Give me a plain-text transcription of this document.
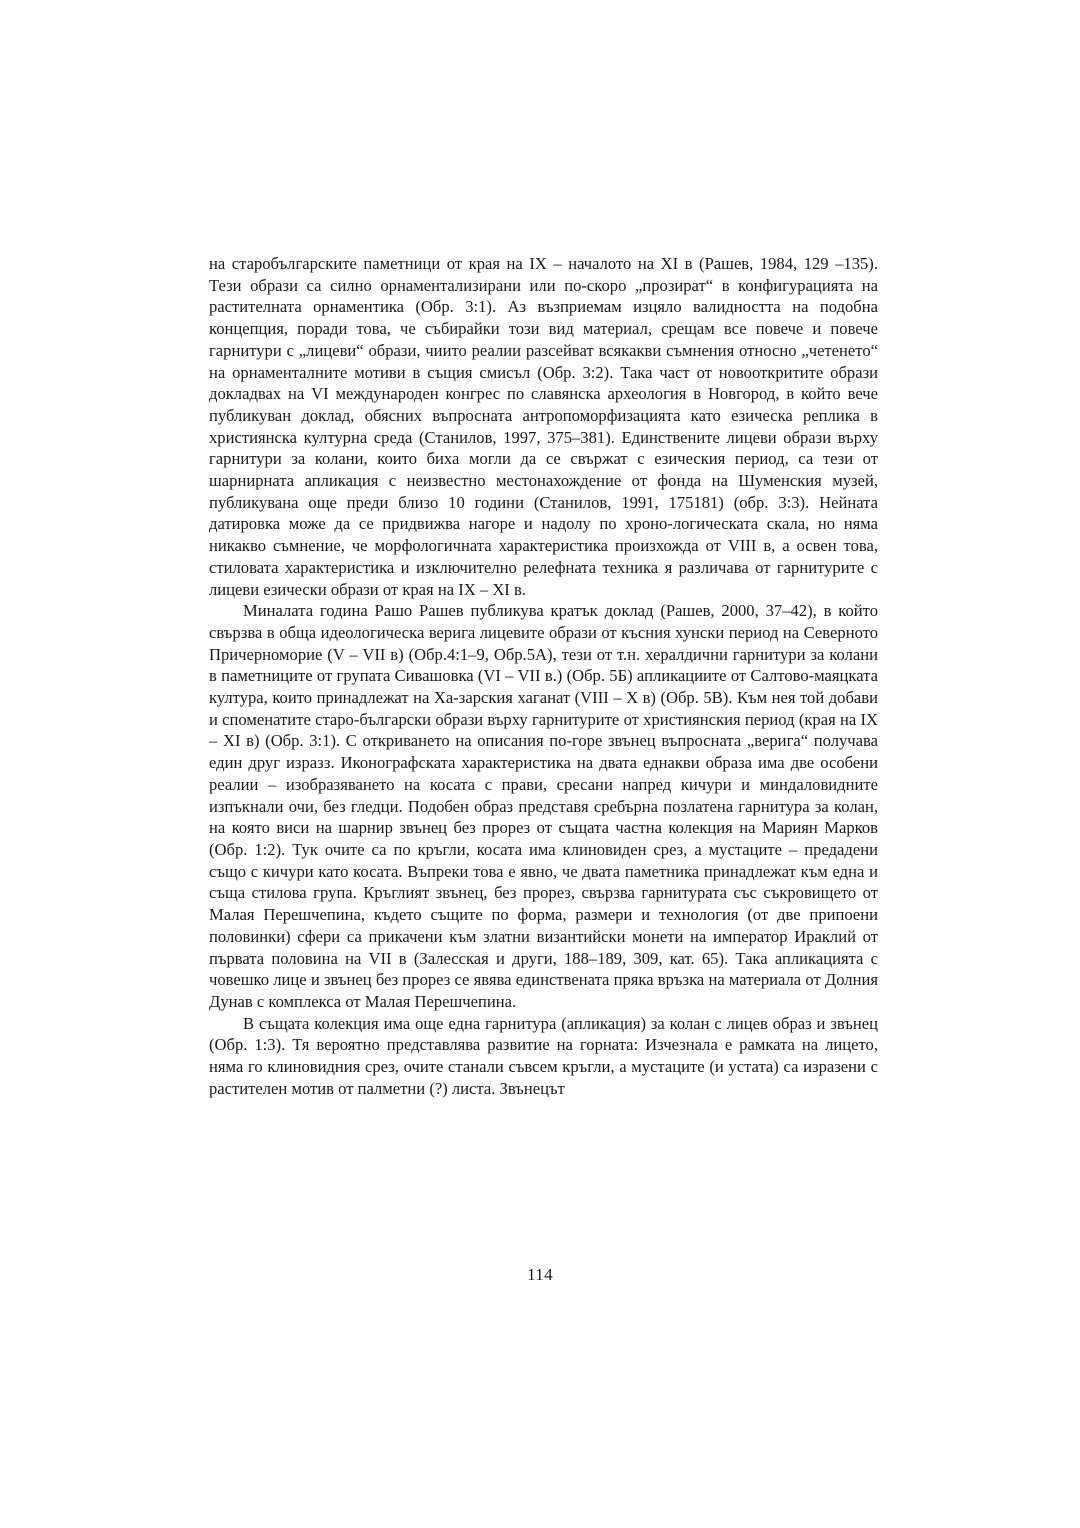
на старобългарските паметници от края на IX – началото на XI в (Рашев, 1984, 129 –135). Тези образи са силно орнаментализирани или по-скоро „прозират“ в конфигурацията на растителната орнаментика (Обр. 3:1). Аз възприемам изцяло валидността на подобна концепция, поради това, че събирайки този вид материал, срещам все повече и повече гарнитури с „лицеви“ образи, чиито реалии разсейват всякакви съмнения относно „четенето“ на орнаменталните мотиви в същия смисъл (Обр. 3:2). Така част от новооткритите образи докладвах на VI международен конгрес по славянска археология в Новгород, в който вече публикуван доклад, обясних въпросната антропоморфизацията като езическа реплика в християнска културна среда (Станилов, 1997, 375–381). Единствените лицеви образи върху гарнитури за колани, които биха могли да се свържат с езическия период, са тези от шарнирната апликация с неизвестно местонахождение от фонда на Шуменския музей, публикувана още преди близо 10 години (Станилов, 1991, 175181) (обр. 3:3). Нейната датировка може да се придвижва нагоре и надолу по хроно-логическата скала, но няма никакво съмнение, че морфологичната характеристика произхожда от VIII в, а освен това, стиловата характеристика и изключително релефната техника я различава от гарнитурите с лицеви езически образи от края на IX – XI в.

Миналата година Рашо Рашев публикува кратък доклад (Рашев, 2000, 37–42), в който свързва в обща идеологическа верига лицевите образи от късния хунски период на Северното Причерноморие (V – VII в) (Обр.4:1–9, Обр.5А), тези от т.н. хералдични гарнитури за колани в паметниците от групата Сивашовка (VI – VII в.) (Обр. 5Б) апликациите от Салтово-маяцката култура, които принадлежат на Ха-зарския хаганат (VIII – X в) (Обр. 5В). Към нея той добави и споменатите старо-български образи върху гарнитурите от християнския период (края на IX – XI в) (Обр. 3:1). С откриването на описания по-горе звънец въпросната „верига“ получава един друг изразз. Иконографската характеристика на двата еднакви образа има две особени реалии – изобразяването на косата с прави, сресани напред кичури и миндаловидните изпъкнали очи, без гледци. Подобен образ представя сребърна позлатена гарнитура за колан, на която виси на шарнир звънец без прорез от същата частна колекция на Мариян Марков (Обр. 1:2). Тук очите са по кръгли, косата има клиновиден срез, а мустаците – предадени също с кичури като косата. Въпреки това е явно, че двата паметника принадлежат към една и съща стилова група. Кръглият звънец, без прорез, свързва гарнитурата със съкровището от Малая Перешчепина, където същите по форма, размери и технология (от две припоени половинки) сфери са прикачени към златни византийски монети на император Ираклий от първата половина на VII в (Залесская и други, 188–189, 309, кат. 65). Така апликацията с човешко лице и звънец без прорез се явява единствената пряка връзка на материала от Долния Дунав с комплекса от Малая Перешчепина.

В същата колекция има още една гарнитура (апликация) за колан с лицев образ и звънец (Обр. 1:3). Тя вероятно представлява развитие на горната: Изчезнала е рамката на лицето, няма го клиновидния срез, очите станали съвсем кръгли, а мустаците (и устата) са изразени с растителен мотив от палметни (?) листа. Звънецът

114
